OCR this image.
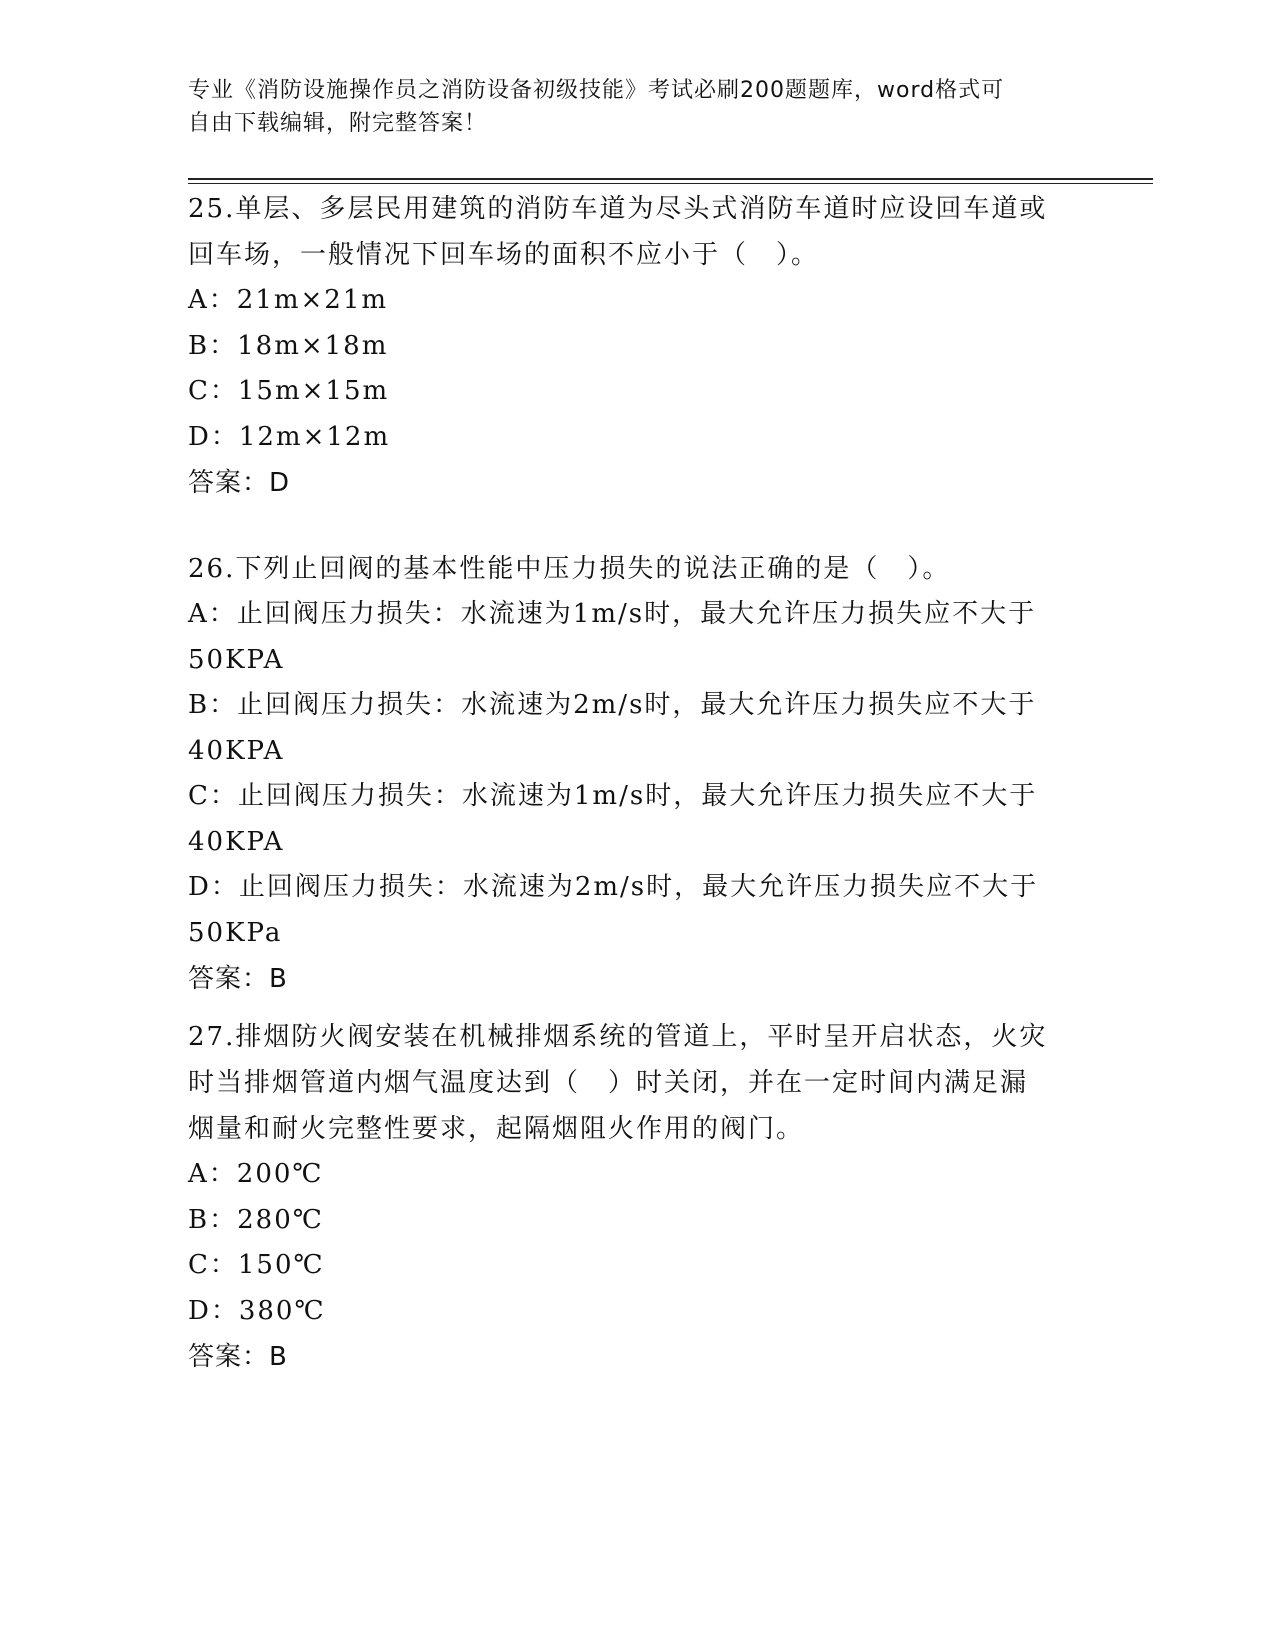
专业《消防设施操作员之消防设备初级技能》考试必刷200题题库，word格式可
自由下载编辑，附完整答案！
25.单层、多层民用建筑的消防车道为尽头式消防车道时应设回车道或
回车场，一般情况下回车场的面积不应小于（　）。
A：21m×21m
B：18m×18m
C：15m×15m
D：12m×12m
答案：D
26.下列止回阀的基本性能中压力损失的说法正确的是（　）。
A：止回阀压力损失：水流速为1m/s时，最大允许压力损失应不大于50KPA
B：止回阀压力损失：水流速为2m/s时，最大允许压力损失应不大于40KPA
C：止回阀压力损失：水流速为1m/s时，最大允许压力损失应不大于40KPA
D：止回阀压力损失：水流速为2m/s时，最大允许压力损失应不大于50KPa
答案：B
27.排烟防火阀安装在机械排烟系统的管道上，平时呈开启状态，火灾
时当排烟管道内烟气温度达到（　）时关闭，并在一定时间内满足漏
烟量和耐火完整性要求，起隔烟阻火作用的阀门。
A：200℃
B：280℃
C：150℃
D：380℃
答案：B
